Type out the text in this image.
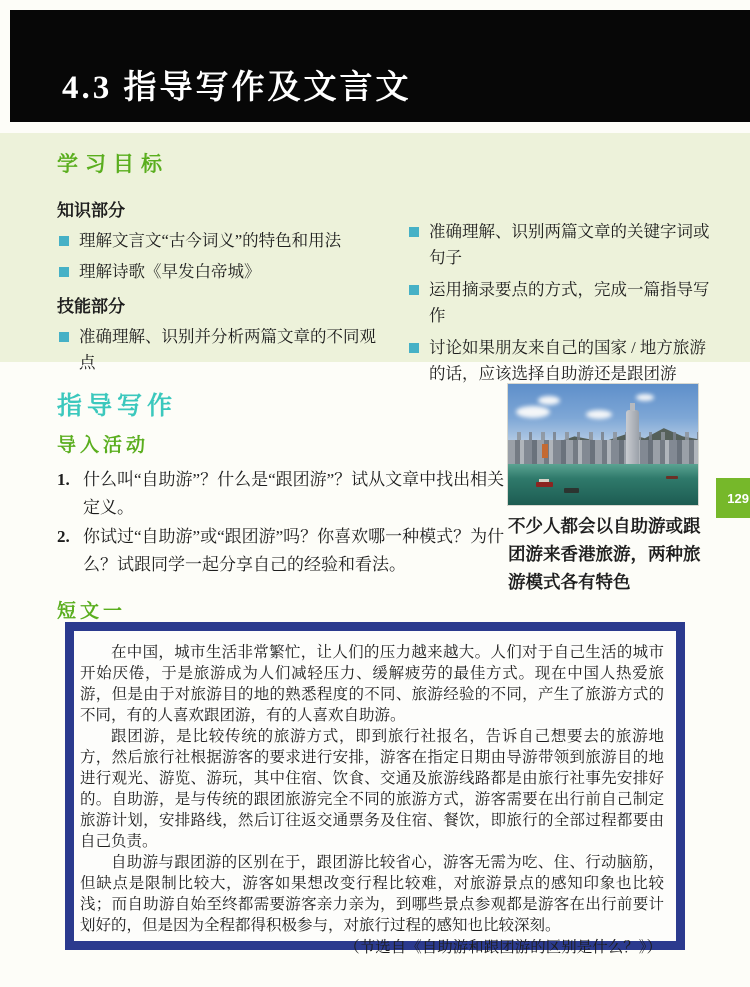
4.3 指导写作及文言文
学习目标
知识部分
理解文言文“古今词义”的特色和用法
理解诗歌《早发白帝城》
技能部分
准确理解、识别并分析两篇文章的不同观点
准确理解、识别两篇文章的关键字词或句子
运用摘录要点的方式，完成一篇指导写作
讨论如果朋友来自己的国家 / 地方旅游的话，应该选择自助游还是跟团游
指导写作
导入活动
1. 什么叫“自助游”？什么是“跟团游”？试从文章中找出相关定义。
2. 你试过“自助游”或“跟团游”吗？你喜欢哪一种模式？为什么？试跟同学一起分享自己的经验和看法。
不少人都会以自助游或跟团游来香港旅游，两种旅游模式各有特色
129
短文一

在中国，城市生活非常繁忙，让人们的压力越来越大。人们对于自己生活的城市开始厌倦，于是旅游成为人们减轻压力、缓解疲劳的最佳方式。现在中国人热爱旅游，但是由于对旅游目的地的熟悉程度的不同、旅游经验的不同，产生了旅游方式的不同，有的人喜欢跟团游，有的人喜欢自助游。

跟团游，是比较传统的旅游方式，即到旅行社报名，告诉自己想要去的旅游地方，然后旅行社根据游客的要求进行安排，游客在指定日期由导游带领到旅游目的地进行观光、游览、游玩，其中住宿、饮食、交通及旅游线路都是由旅行社事先安排好的。自助游，是与传统的跟团旅游完全不同的旅游方式，游客需要在出行前自己制定旅游计划，安排路线，然后订往返交通票务及住宿、餐饮，即旅行的全部过程都要由自己负责。

自助游与跟团游的区别在于，跟团游比较省心，游客无需为吃、住、行动脑筋，但缺点是限制比较大，游客如果想改变行程比较难，对旅游景点的感知印象也比较浅；而自助游自始至终都需要游客亲力亲为，到哪些景点参观都是游客在出行前要计划好的，但是因为全程都得积极参与，对旅行过程的感知也比较深刻。

（节选自《自助游和跟团游的区别是什么？》）
